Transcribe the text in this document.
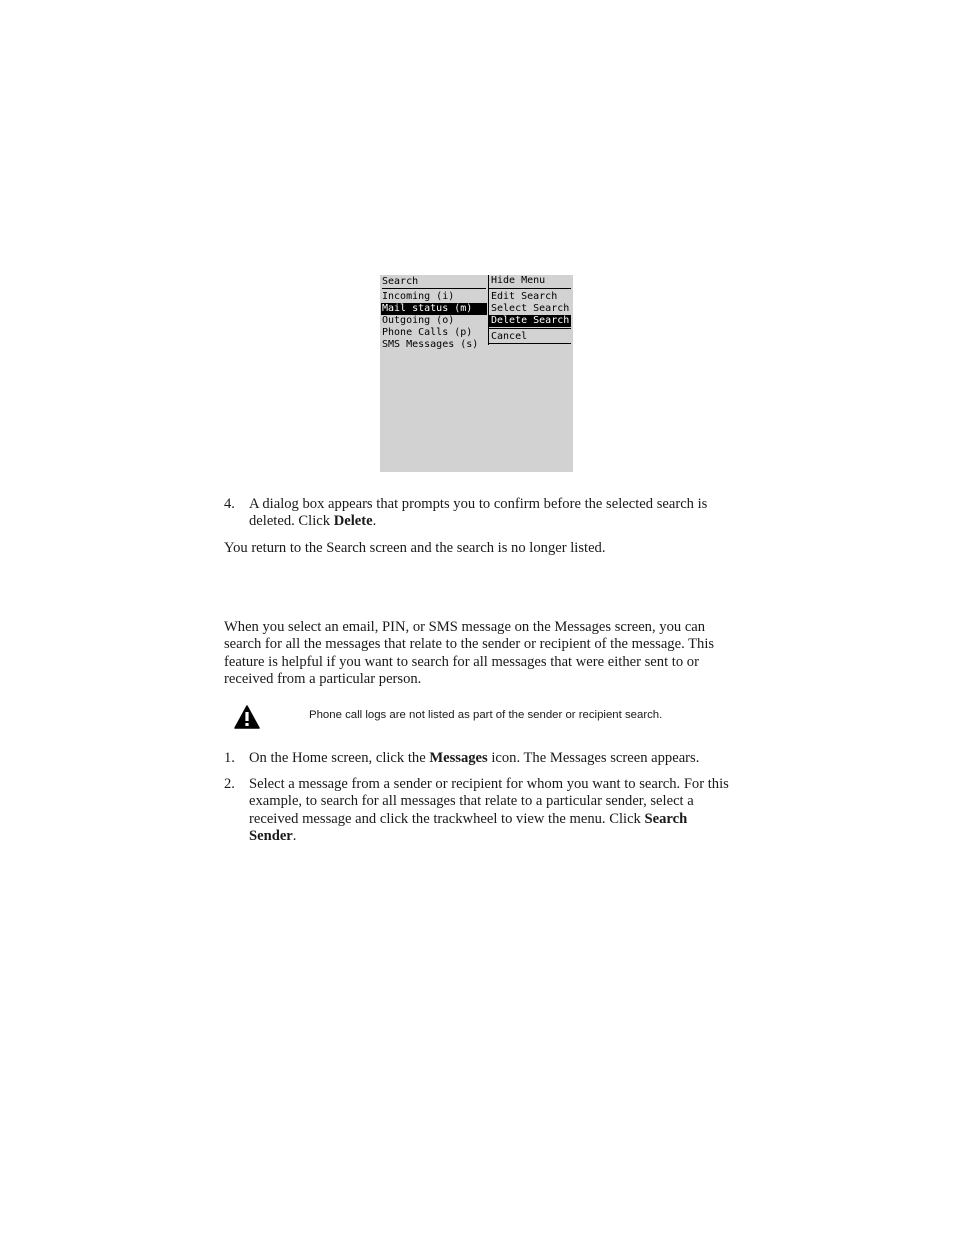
Search
Incoming (i)
Mail status (m)
Outgoing (o)
Phone Calls (p)
SMS Messages (s)
Hide Menu
Edit Search
Select Search
Delete Search
Cancel
4. A dialog box appears that prompts you to confirm before the selected search is deleted. Click Delete.
You return to the Search screen and the search is no longer listed.
When you select an email, PIN, or SMS message on the Messages screen, you can search for all the messages that relate to the sender or recipient of the message. This feature is helpful if you want to search for all messages that were either sent to or received from a particular person.
Phone call logs are not listed as part of the sender or recipient search.
1. On the Home screen, click the Messages icon. The Messages screen appears.
2. Select a message from a sender or recipient for whom you want to search. For this example, to search for all messages that relate to a particular sender, select a received message and click the trackwheel to view the menu. Click Search Sender.
